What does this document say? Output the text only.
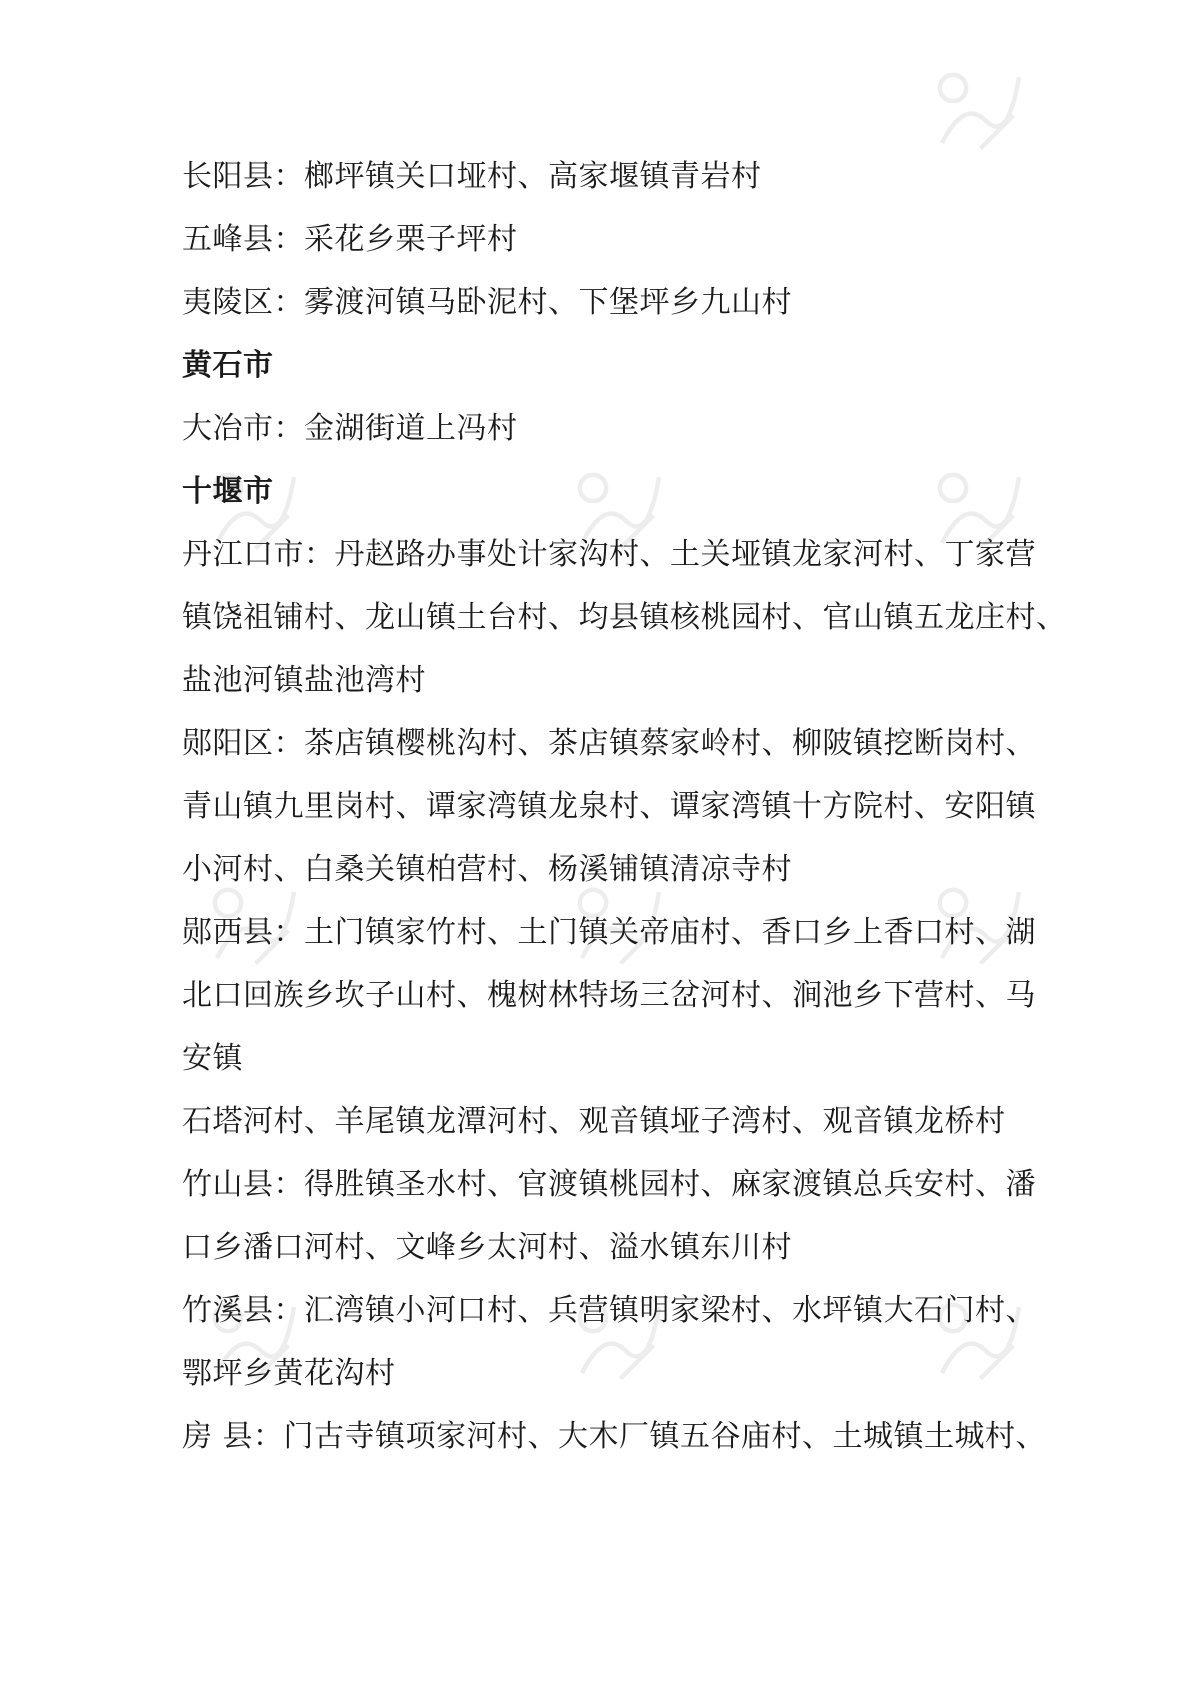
长阳县：榔坪镇关口垭村、高家堰镇青岩村
五峰县：采花乡栗子坪村
夷陵区：雾渡河镇马卧泥村、下堡坪乡九山村
黄石市
大冶市：金湖街道上冯村
十堰市
丹江口市：丹赵路办事处计家沟村、土关垭镇龙家河村、丁家营
镇饶祖铺村、龙山镇土台村、均县镇核桃园村、官山镇五龙庄村、
盐池河镇盐池湾村
郧阳区：茶店镇樱桃沟村、茶店镇蔡家岭村、柳陂镇挖断岗村、
青山镇九里岗村、谭家湾镇龙泉村、谭家湾镇十方院村、安阳镇
小河村、白桑关镇柏营村、杨溪铺镇清凉寺村
郧西县：土门镇家竹村、土门镇关帝庙村、香口乡上香口村、湖
北口回族乡坎子山村、槐树林特场三岔河村、涧池乡下营村、马
安镇
石塔河村、羊尾镇龙潭河村、观音镇垭子湾村、观音镇龙桥村
竹山县：得胜镇圣水村、官渡镇桃园村、麻家渡镇总兵安村、潘
口乡潘口河村、文峰乡太河村、溢水镇东川村
竹溪县：汇湾镇小河口村、兵营镇明家梁村、水坪镇大石门村、
鄂坪乡黄花沟村
房 县：门古寺镇项家河村、大木厂镇五谷庙村、土城镇土城村、
